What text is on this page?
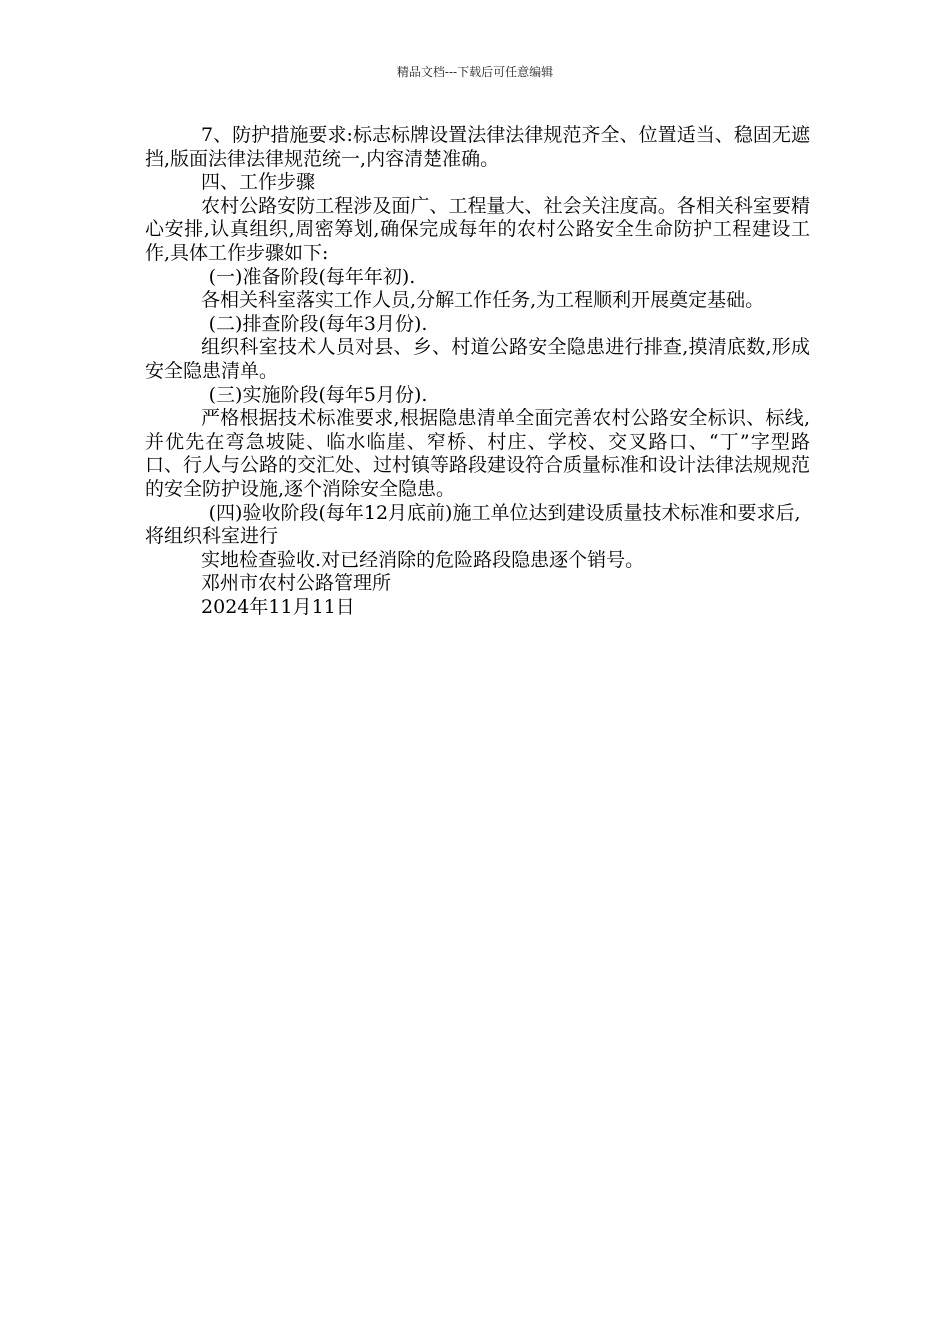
精品文档---下载后可任意编辑

7、防护措施要求:标志标牌设置法律法律规范齐全、位置适当、稳固无遮挡,版面法律法律规范统一,内容清楚准确。

四、工作步骤

农村公路安防工程涉及面广、工程量大、社会关注度高。各相关科室要精心安排,认真组织,周密筹划,确保完成每年的农村公路安全生命防护工程建设工作,具体工作步骤如下:

(一)准备阶段(每年年初).

各相关科室落实工作人员,分解工作任务,为工程顺利开展奠定基础。

(二)排查阶段(每年3月份).

组织科室技术人员对县、乡、村道公路安全隐患进行排查,摸清底数,形成安全隐患清单。

(三)实施阶段(每年5月份).

严格根据技术标准要求,根据隐患清单全面完善农村公路安全标识、标线,并优先在弯急坡陡、临水临崖、窄桥、村庄、学校、交叉路口、“丁”字型路口、行人与公路的交汇处、过村镇等路段建设符合质量标准和设计法律法规规范的安全防护设施,逐个消除安全隐患。

(四)验收阶段(每年12月底前)施工单位达到建设质量技术标准和要求后,将组织科室进行

实地检查验收.对已经消除的危险路段隐患逐个销号。

邓州市农村公路管理所

2024年11月11日
